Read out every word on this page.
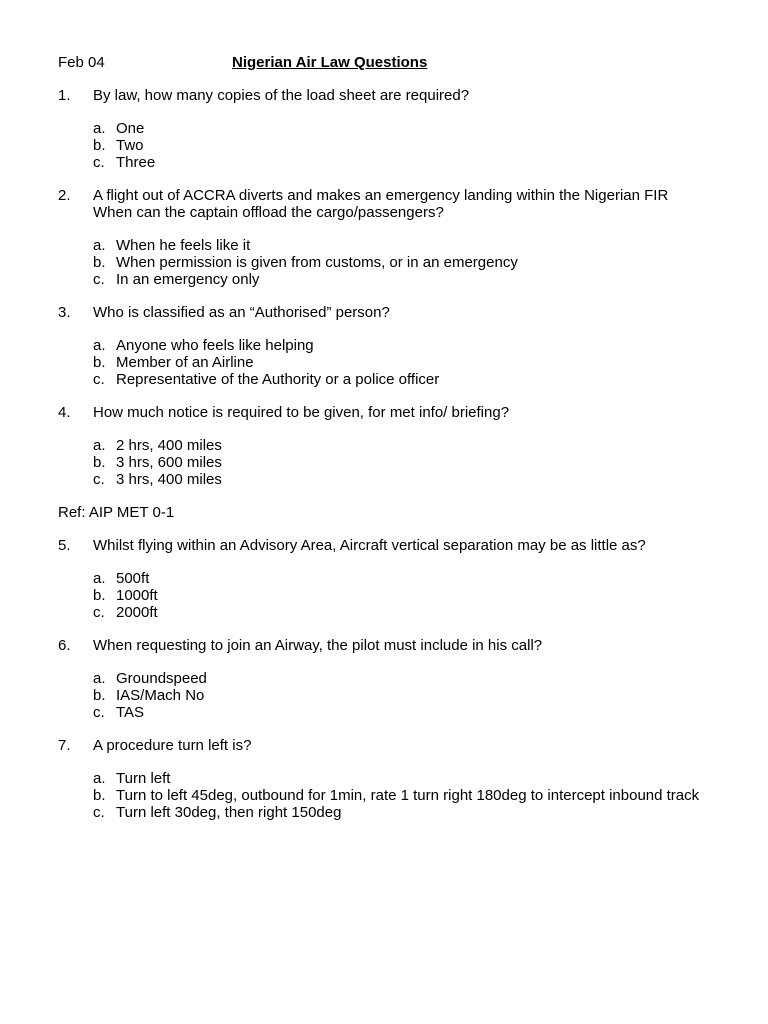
Feb 04	Nigerian Air Law Questions
1.	By law, how many copies of the load sheet are required?
a. One
b. Two
c. Three
2.	A flight out of ACCRA diverts and makes an emergency landing within the Nigerian FIR
When can the captain offload the cargo/passengers?
a. When he feels like it
b. When permission is given from customs, or in an emergency
c. In an emergency only
3.	Who is classified as an “Authorised” person?
a. Anyone who feels like helping
b. Member of an Airline
c. Representative of the Authority or a police officer
4.	How much notice is required to be given, for met info/ briefing?
a. 2 hrs, 400 miles
b. 3 hrs, 600 miles
c. 3 hrs, 400 miles
Ref: AIP MET 0-1
5.	Whilst flying within an Advisory Area, Aircraft vertical separation may be as little as?
a. 500ft
b. 1000ft
c. 2000ft
6.	When requesting to join an Airway, the pilot must include in his call?
a. Groundspeed
b. IAS/Mach No
c. TAS
7.	A procedure turn left is?
a. Turn left
b. Turn to left 45deg, outbound for 1min, rate 1 turn right 180deg to intercept inbound track
c. Turn left 30deg, then right 150deg
